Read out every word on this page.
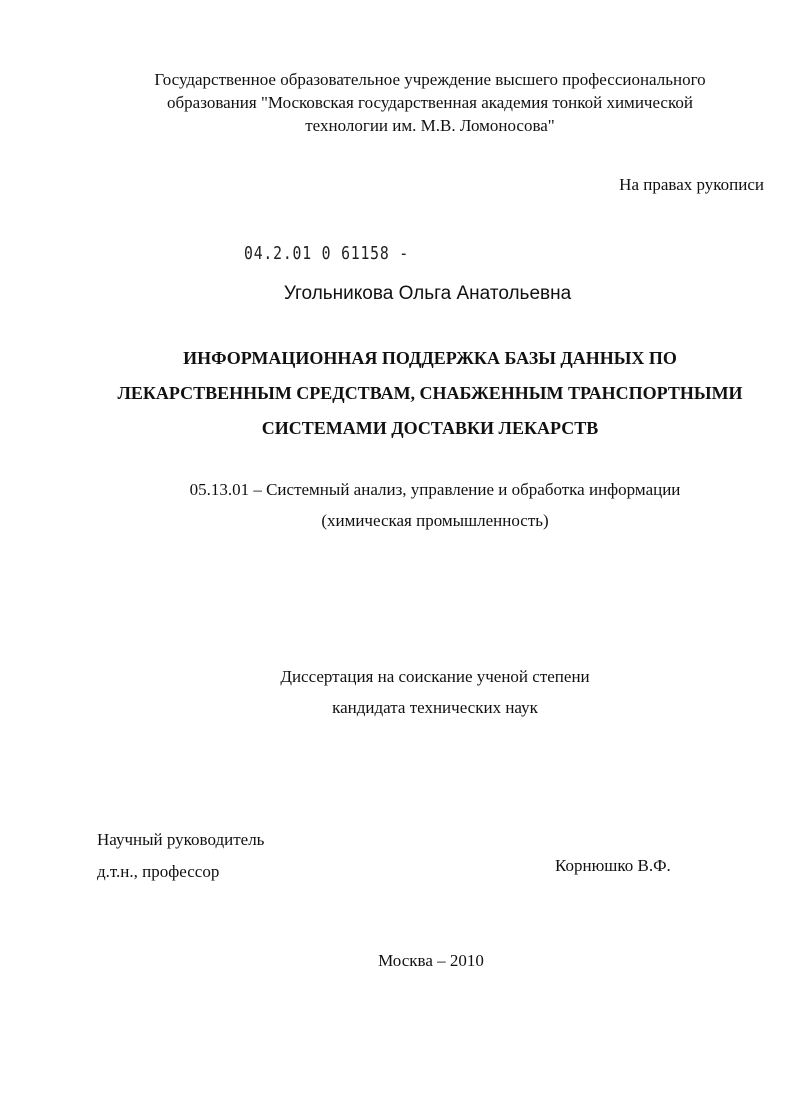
Государственное образовательное учреждение высшего профессионального
образования "Московская государственная академия тонкой химической
технологии им. М.В. Ломоносова"
На правах рукописи
04.2.01 0 61158 -
Угольникова Ольга Анатольевна
ИНФОРМАЦИОННАЯ ПОДДЕРЖКА БАЗЫ ДАННЫХ ПО
ЛЕКАРСТВЕННЫМ СРЕДСТВАМ, СНАБЖЕННЫМ ТРАНСПОРТНЫМИ
СИСТЕМАМИ ДОСТАВКИ ЛЕКАРСТВ
05.13.01 – Системный анализ, управление и обработка информации
(химическая промышленность)
Диссертация на соискание ученой степени
кандидата технических наук
Научный руководитель
д.т.н., профессор	Корнюшко В.Ф.
Москва – 2010
